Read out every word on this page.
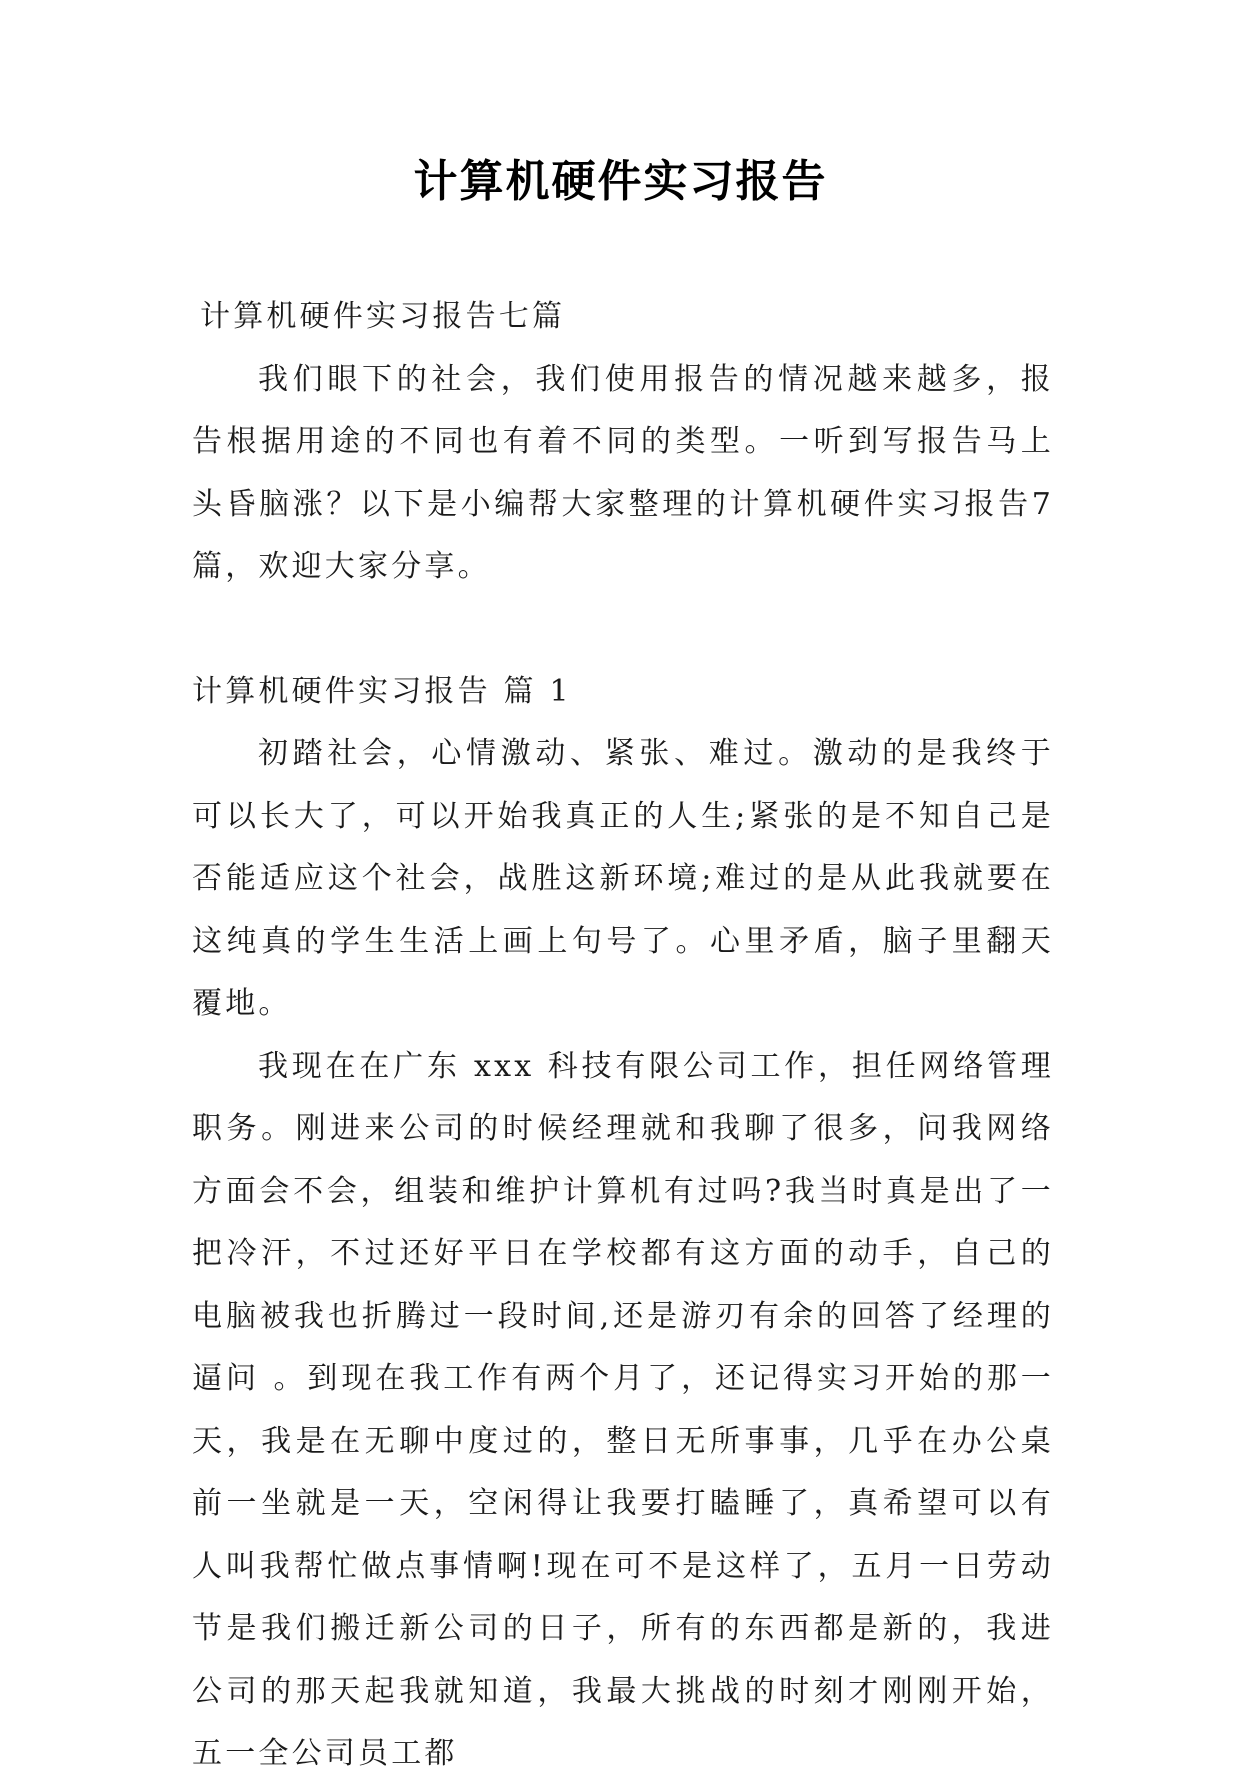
计算机硬件实习报告

计算机硬件实习报告七篇

我们眼下的社会，我们使用报告的情况越来越多，报告根据用途的不同也有着不同的类型。一听到写报告马上头昏脑涨？以下是小编帮大家整理的计算机硬件实习报告7篇，欢迎大家分享。

计算机硬件实习报告 篇 1

初踏社会，心情激动、紧张、难过。激动的是我终于可以长大了，可以开始我真正的人生;紧张的是不知自己是否能适应这个社会，战胜这新环境;难过的是从此我就要在这纯真的学生生活上画上句号了。心里矛盾，脑子里翻天覆地。

我现在在广东 xxx 科技有限公司工作，担任网络管理职务。刚进来公司的时候经理就和我聊了很多，问我网络方面会不会，组装和维护计算机有过吗?我当时真是出了一把冷汗，不过还好平日在学校都有这方面的动手，自己的电脑被我也折腾过一段时间,还是游刃有余的回答了经理的 逼问 。到现在我工作有两个月了，还记得实习开始的那一天，我是在无聊中度过的，整日无所事事，几乎在办公桌前一坐就是一天，空闲得让我要打瞌睡了，真希望可以有人叫我帮忙做点事情啊!现在可不是这样了，五月一日劳动节是我们搬迁新公司的日子，所有的东西都是新的，我进公司的那天起我就知道，我最大挑战的时刻才刚刚开始，五一全公司员工都
